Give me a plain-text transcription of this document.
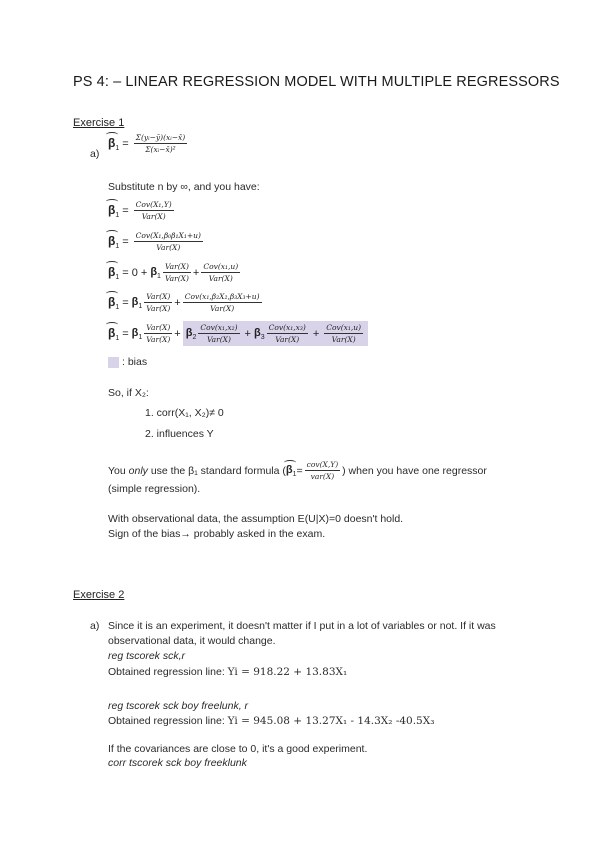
PS 4: – LINEAR REGRESSION MODEL WITH MULTIPLE REGRESSORS
Exercise 1
a)
$\beta_1 = \frac{\text{Σ(yᵢ−ȳ)(xᵢ−x̄)}}{\text{Σ(xᵢ−x̄)²}}$
Substitute n by ∞, and you have:
$\beta_1 = \frac{\text{Cov(X₁,Y)}}{\text{Var(X)}}$
$\beta_1 = \frac{\text{Cov(X₁,β₀β₁X₁+u)}}{\text{Var(X)}}$
$\beta_1 = 0 + \beta_1 \frac{\text{Var(X)}}{\text{Var(X)}} + \frac{\text{Cov(x₁,u)}}{\text{Var(X)}}$
$\beta_1 = \beta_1 \frac{\text{Var(X)}}{\text{Var(X)}} + \frac{\text{Cov(x₁,β₂X₂,β₃X₃+u)}}{\text{Var(X)}}$
$\beta_1 = \beta_1 \frac{\text{Var(X)}}{\text{Var(X)}} + \beta_2 \frac{\text{Cov(x₁,x₂)}}{\text{Var(X)}} + \beta_3 \frac{\text{Cov(x₁,x₃)}}{\text{Var(X)}} + \frac{\text{Cov(x₁,u)}}{\text{Var(X)}}$
: bias
So, if X₂:
1. corr(X₁, X₂)≠ 0
2. influences Y
You only use the β₁ standard formula ( $\beta_1 = \frac{\text{cov(X,Y)}}{\text{var(X)}}$ ) when you have one regressor
(simple regression).
With observational data, the assumption E(U|X)=0 doesn't hold.
Sign of the bias→ probably asked in the exam.
Exercise 2
a) Since it is an experiment, it doesn't matter if I put in a lot of variables or not. If it was
observational data, it would change.
reg tscorek sck,r
Obtained regression line: Yi = 918.22 + 13.83X₁
reg tscorek sck boy freelunk, r
Obtained regression line: Yi = 945.08 + 13.27X₁ - 14.3X₂ -40.5X₃
If the covariances are close to 0, it's a good experiment.
corr tscorek sck boy freeklunk
